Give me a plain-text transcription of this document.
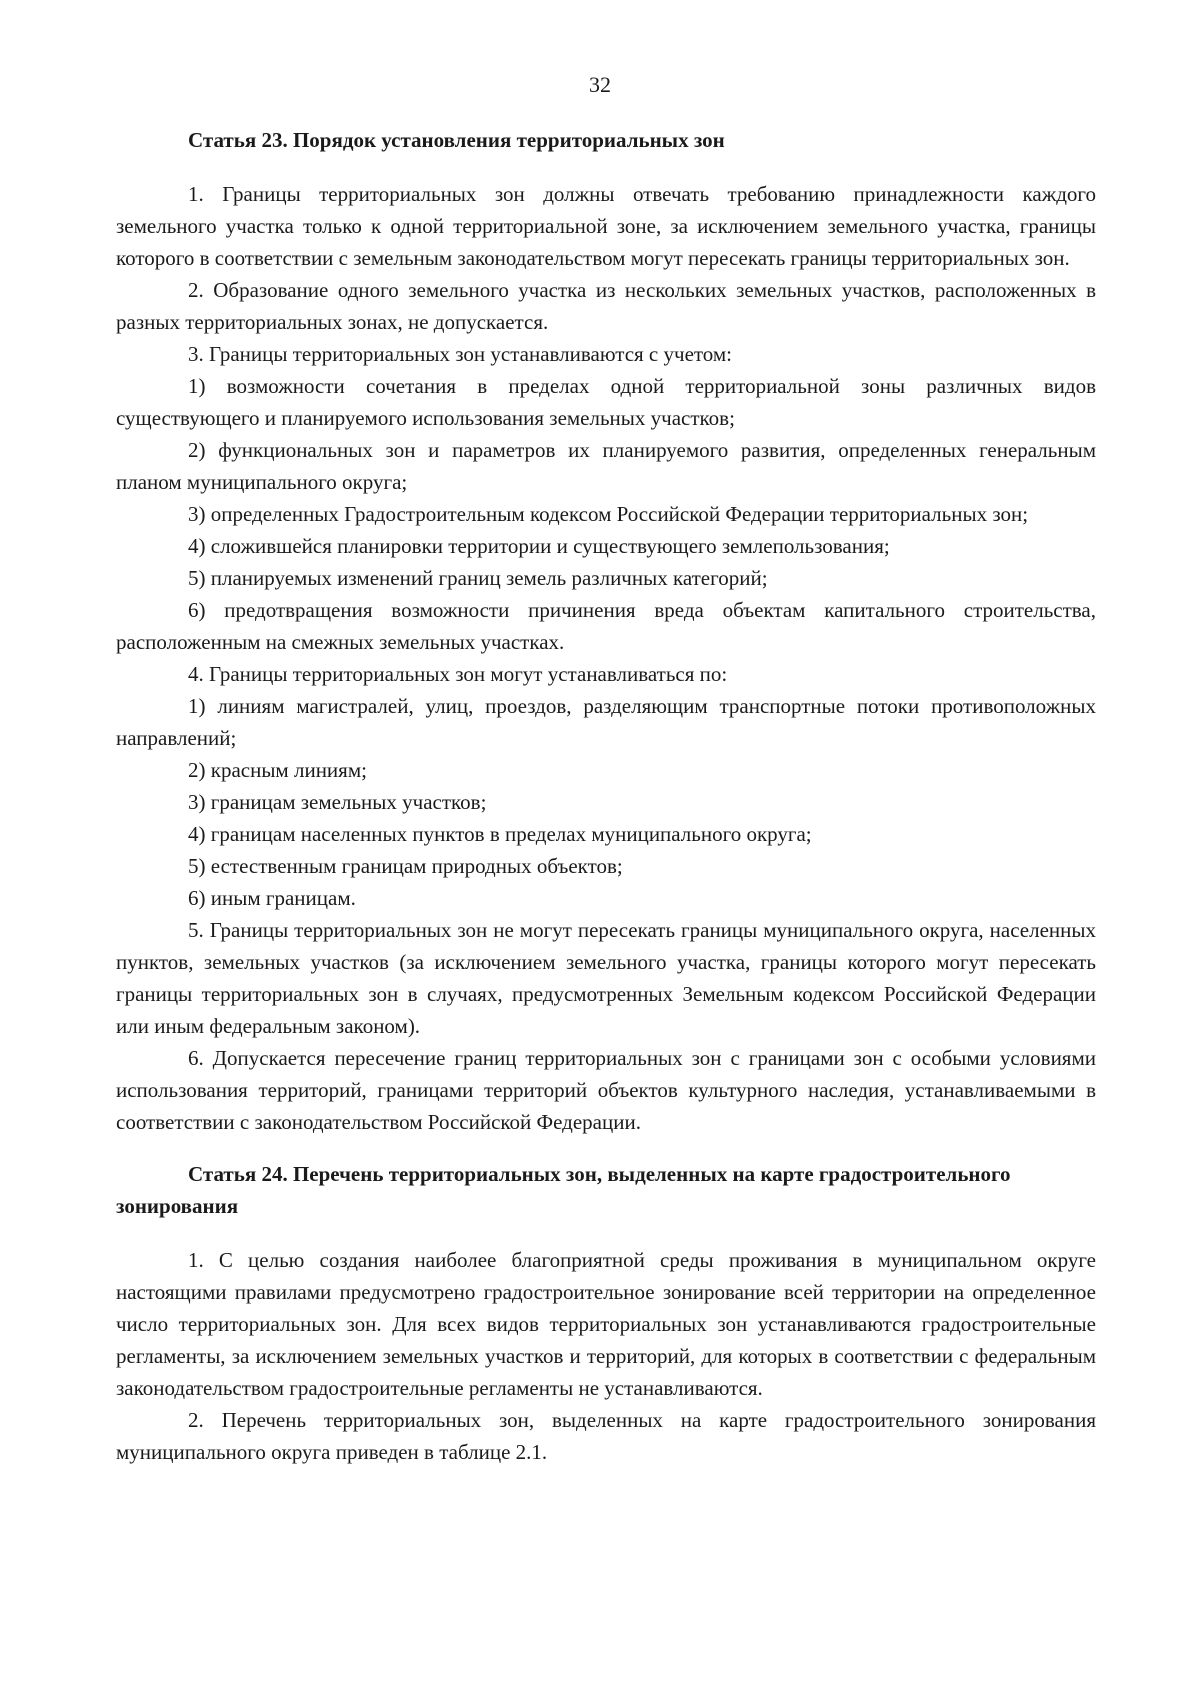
32

Статья 23. Порядок установления территориальных зон

1. Границы территориальных зон должны отвечать требованию принадлежности каждого земельного участка только к одной территориальной зоне, за исключением земельного участка, границы которого в соответствии с земельным законодательством могут пересекать границы территориальных зон.

2. Образование одного земельного участка из нескольких земельных участков, расположенных в разных территориальных зонах, не допускается.

3. Границы территориальных зон устанавливаются с учетом:

1) возможности сочетания в пределах одной территориальной зоны различных видов существующего и планируемого использования земельных участков;

2) функциональных зон и параметров их планируемого развития, определенных генеральным планом муниципального округа;

3) определенных Градостроительным кодексом Российской Федерации территориальных зон;

4) сложившейся планировки территории и существующего землепользования;

5) планируемых изменений границ земель различных категорий;

6) предотвращения возможности причинения вреда объектам капитального строительства, расположенным на смежных земельных участках.

4. Границы территориальных зон могут устанавливаться по:

1) линиям магистралей, улиц, проездов, разделяющим транспортные потоки противоположных направлений;

2) красным линиям;

3) границам земельных участков;

4) границам населенных пунктов в пределах муниципального округа;

5) естественным границам природных объектов;

6) иным границам.

5. Границы территориальных зон не могут пересекать границы муниципального округа, населенных пунктов, земельных участков (за исключением земельного участка, границы которого могут пересекать границы территориальных зон в случаях, предусмотренных Земельным кодексом Российской Федерации или иным федеральным законом).

6. Допускается пересечение границ территориальных зон с границами зон с особыми условиями использования территорий, границами территорий объектов культурного наследия, устанавливаемыми в соответствии с законодательством Российской Федерации.

Статья 24. Перечень территориальных зон, выделенных на карте градостроительного зонирования

1. С целью создания наиболее благоприятной среды проживания в муниципальном округе настоящими правилами предусмотрено градостроительное зонирование всей территории на определенное число территориальных зон. Для всех видов территориальных зон устанавливаются градостроительные регламенты, за исключением земельных участков и территорий, для которых в соответствии с федеральным законодательством градостроительные регламенты не устанавливаются.

2. Перечень территориальных зон, выделенных на карте градостроительного зонирования муниципального округа приведен в таблице 2.1.
